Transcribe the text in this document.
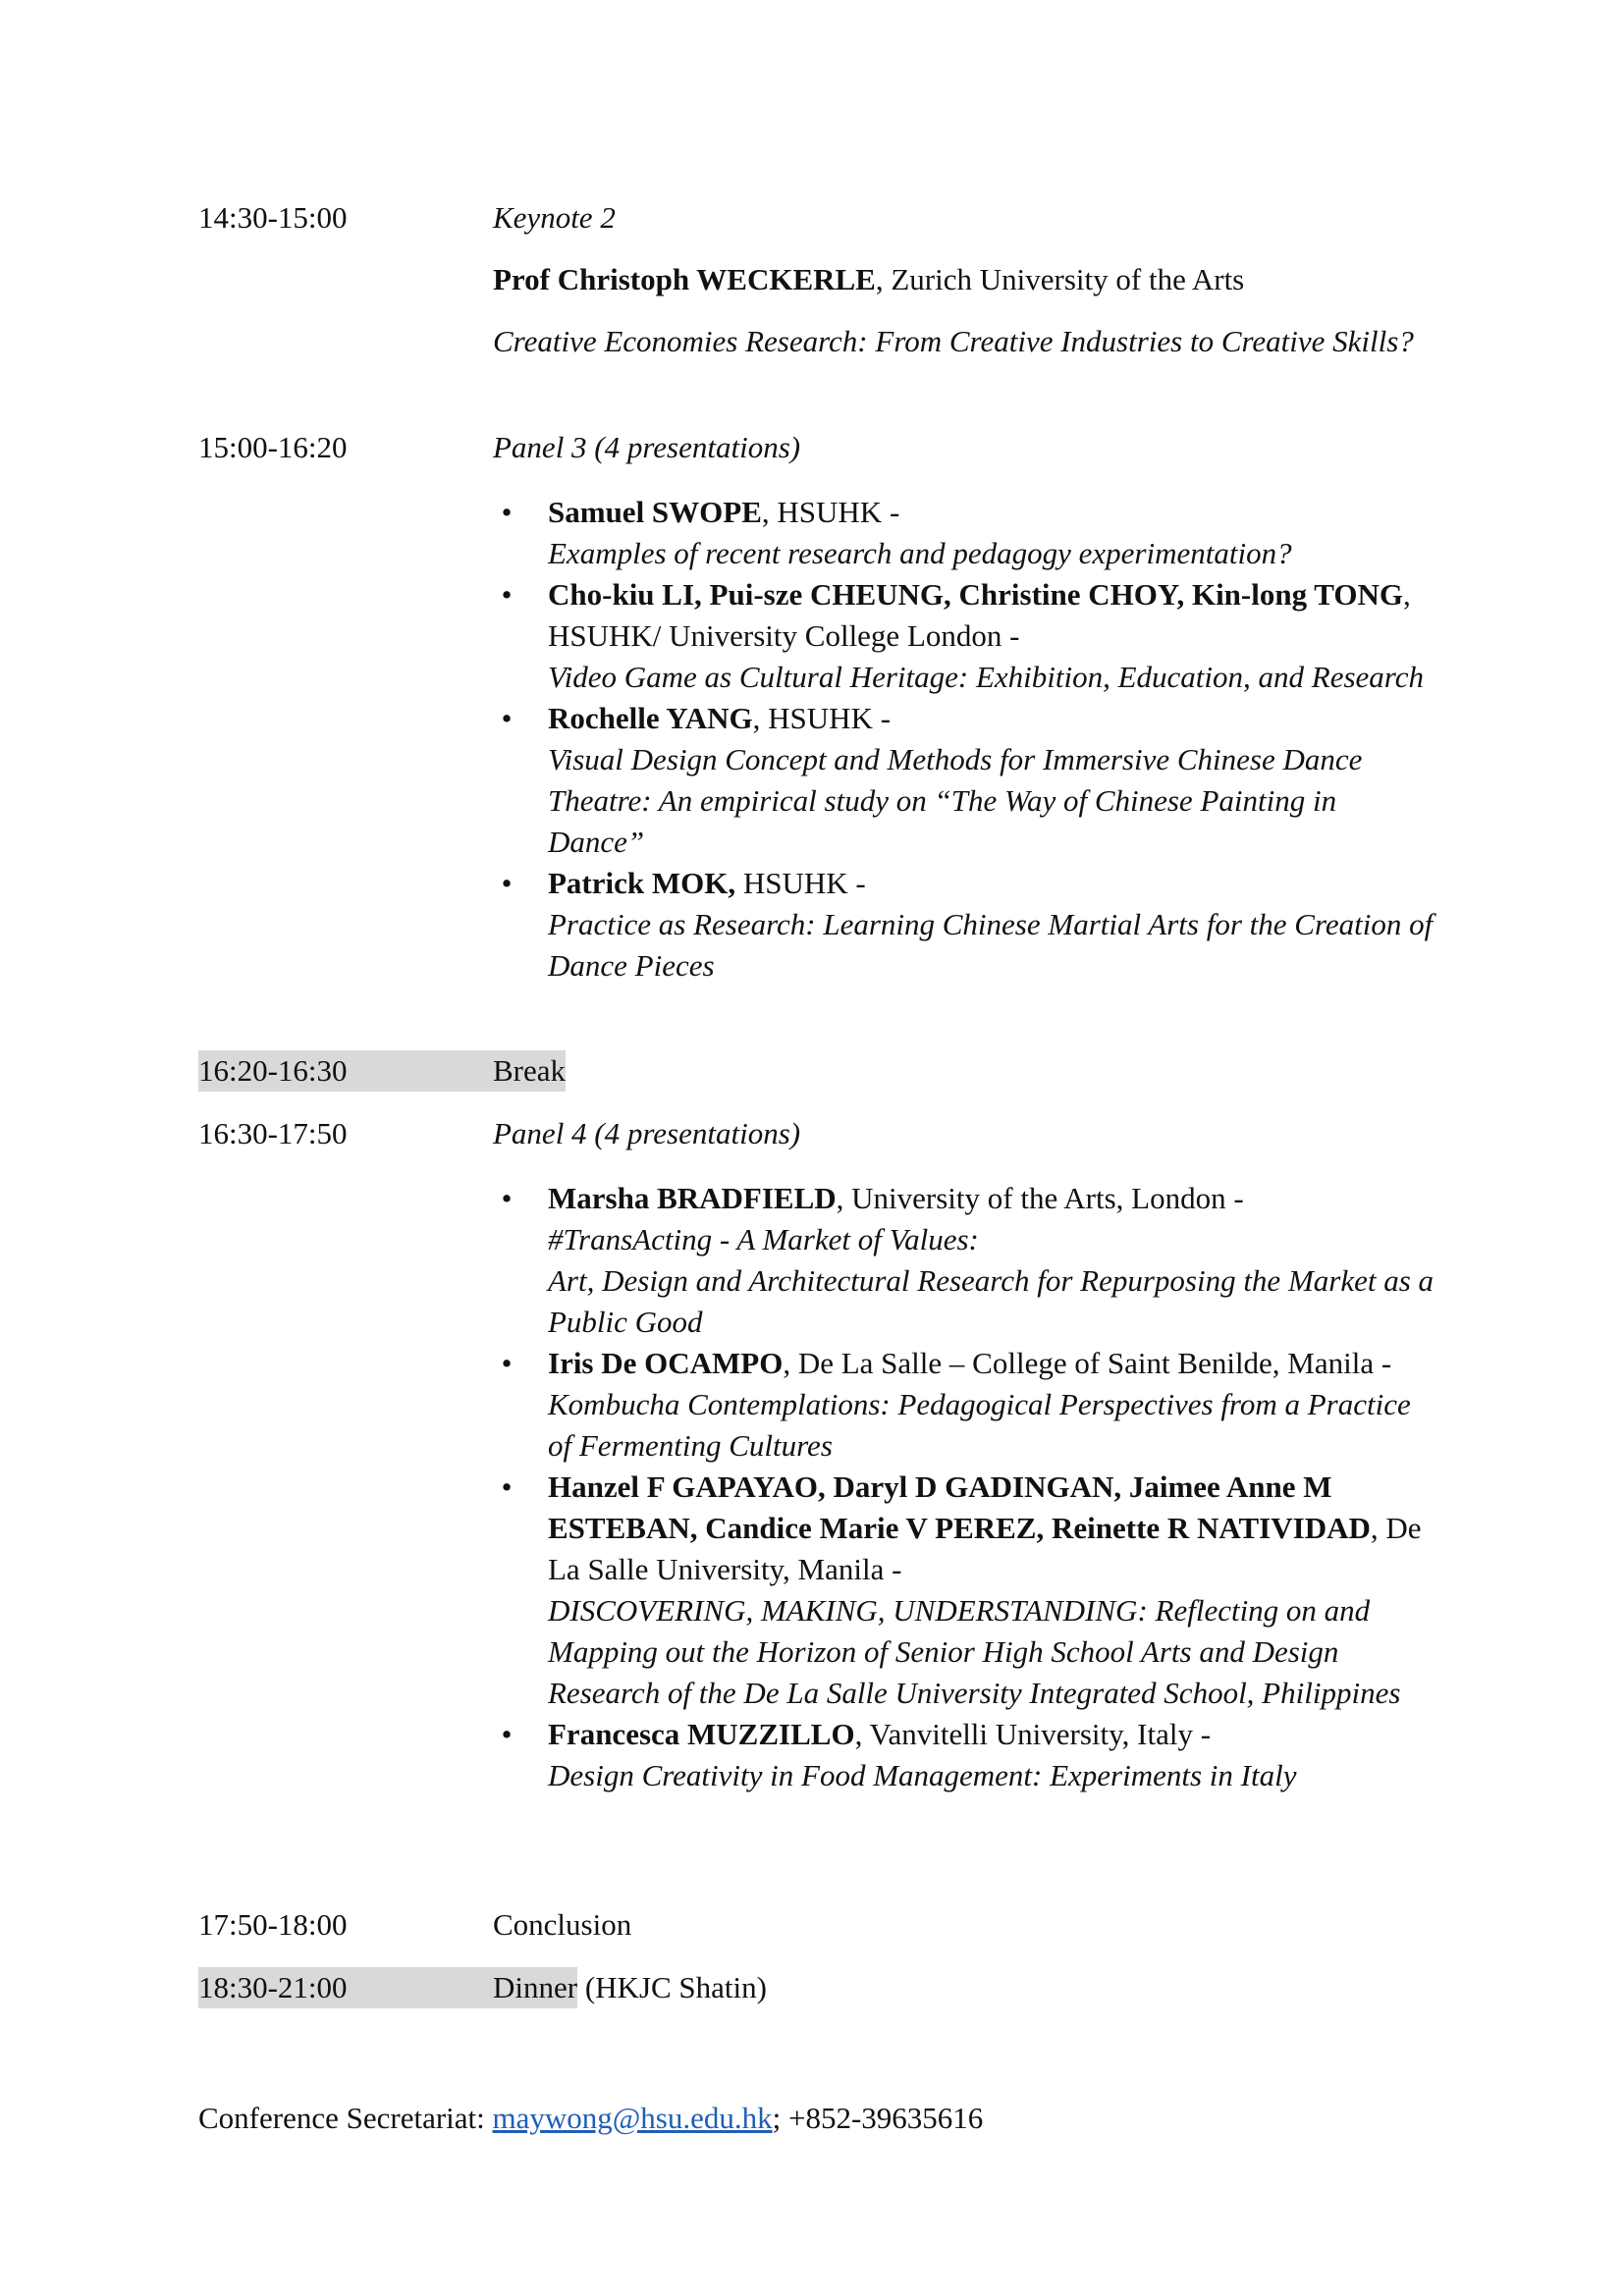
14:30-15:00	Keynote 2
Prof Christoph WECKERLE, Zurich University of the Arts
Creative Economies Research: From Creative Industries to Creative Skills?
15:00-16:20	Panel 3 (4 presentations)
• Samuel SWOPE, HSUHK -
Examples of recent research and pedagogy experimentation?
• Cho-kiu LI, Pui-sze CHEUNG, Christine CHOY, Kin-long TONG, HSUHK/ University College London -
Video Game as Cultural Heritage: Exhibition, Education, and Research
• Rochelle YANG, HSUHK -
Visual Design Concept and Methods for Immersive Chinese Dance Theatre: An empirical study on “The Way of Chinese Painting in Dance”
• Patrick MOK, HSUHK -
Practice as Research: Learning Chinese Martial Arts for the Creation of Dance Pieces
16:20-16:30	Break
16:30-17:50	Panel 4 (4 presentations)
• Marsha BRADFIELD, University of the Arts, London -
#TransActing - A Market of Values:
Art, Design and Architectural Research for Repurposing the Market as a Public Good
• Iris De OCAMPO, De La Salle – College of Saint Benilde, Manila -
Kombucha Contemplations: Pedagogical Perspectives from a Practice of Fermenting Cultures
• Hanzel F GAPAYAO, Daryl D GADINGAN, Jaimee Anne M ESTEBAN, Candice Marie V PEREZ, Reinette R NATIVIDAD, De La Salle University, Manila -
DISCOVERING, MAKING, UNDERSTANDING: Reflecting on and Mapping out the Horizon of Senior High School Arts and Design Research of the De La Salle University Integrated School, Philippines
• Francesca MUZZILLO, Vanvitelli University, Italy -
Design Creativity in Food Management: Experiments in Italy
17:50-18:00	Conclusion
18:30-21:00	Dinner (HKJC Shatin)
Conference Secretariat: maywong@hsu.edu.hk; +852-39635616
